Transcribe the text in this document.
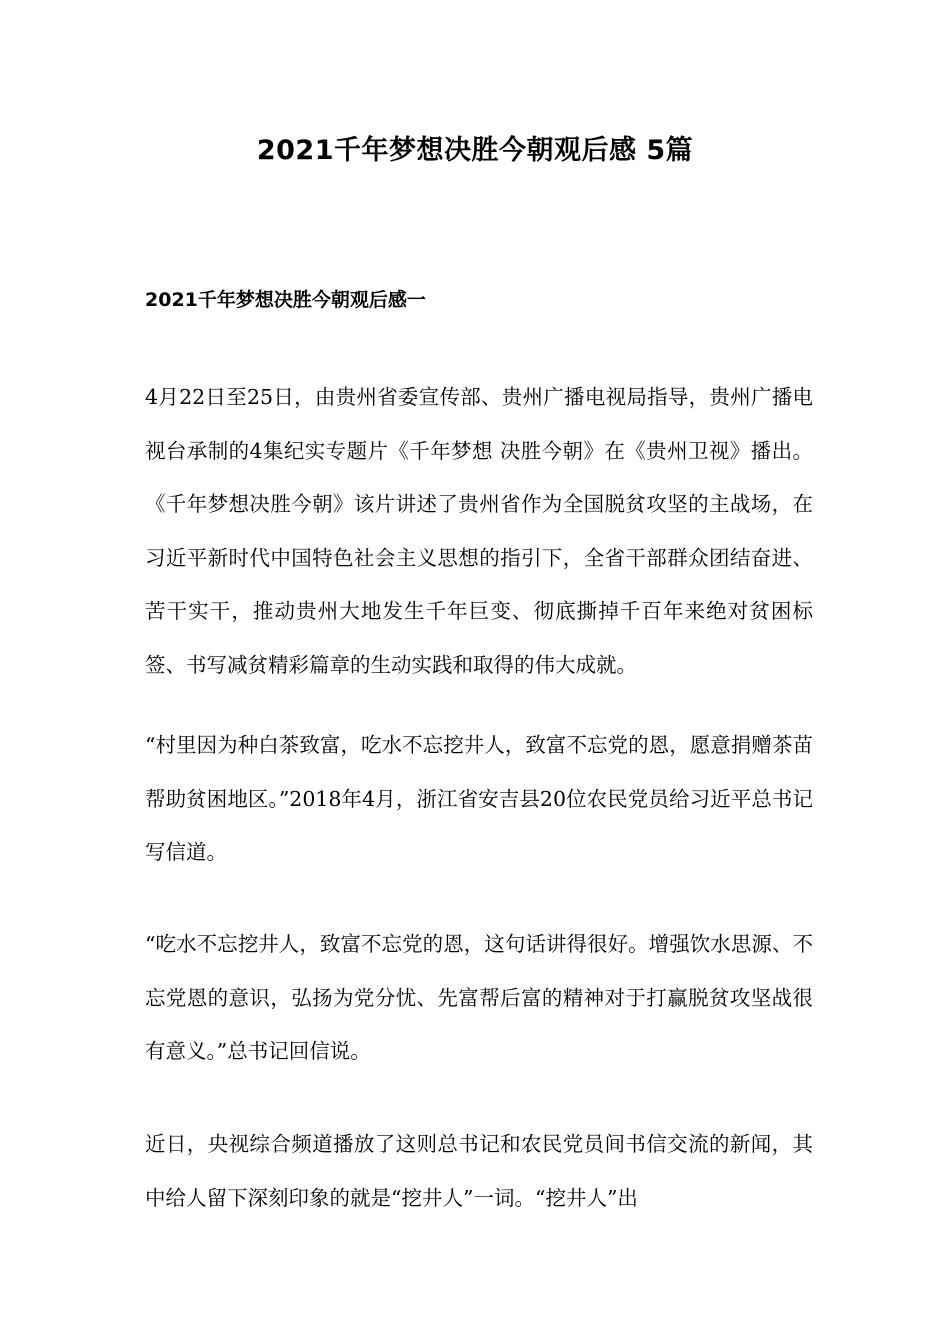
2021千年梦想决胜今朝观后感 5篇
2021千年梦想决胜今朝观后感一

4月22日至25日，由贵州省委宣传部、贵州广播电视局指导，贵州广播电视台承制的4集纪实专题片《千年梦想 决胜今朝》在《贵州卫视》播出。《千年梦想决胜今朝》该片讲述了贵州省作为全国脱贫攻坚的主战场，在习近平新时代中国特色社会主义思想的指引下，全省干部群众团结奋进、苦干实干，推动贵州大地发生千年巨变、彻底撕掉千百年来绝对贫困标签、书写减贫精彩篇章的生动实践和取得的伟大成就。

“村里因为种白茶致富，吃水不忘挖井人，致富不忘党的恩，愿意捐赠茶苗帮助贫困地区。”2018年4月，浙江省安吉县20位农民党员给习近平总书记写信道。

“吃水不忘挖井人，致富不忘党的恩，这句话讲得很好。增强饮水思源、不忘党恩的意识，弘扬为党分忧、先富帮后富的精神对于打赢脱贫攻坚战很有意义。”总书记回信说。

近日，央视综合频道播放了这则总书记和农民党员间书信交流的新闻，其中给人留下深刻印象的就是“挖井人”一词。“挖井人”出
